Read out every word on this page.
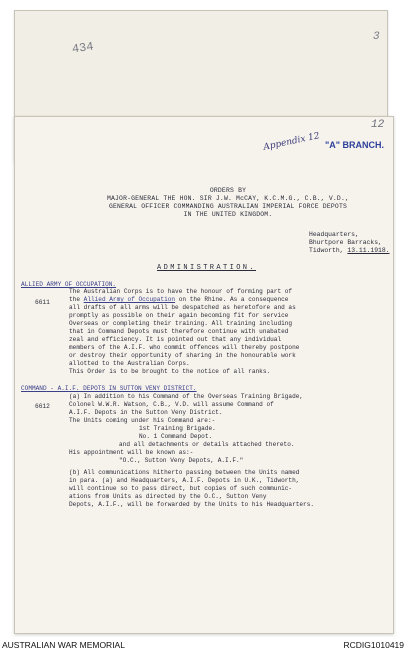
434
3
12
Appendix 12 "A" BRANCH.
ORDERS BY
MAJOR-GENERAL THE HON. SIR J.W. McCAY, K.C.M.G., C.B., V.D.,
GENERAL OFFICER COMMANDING AUSTRALIAN IMPERIAL FORCE DEPOTS
IN THE UNITED KINGDOM.
Headquarters,
Bhurtpore Barracks,
Tidworth, 13.11.1918.
ADMINISTRATION.
ALLIED ARMY OF OCCUPATION.
6611
The Australian Corps is to have the honour of forming part of
the Allied Army of Occupation on the Rhine. As a consequence
all drafts of all arms will be despatched as heretofore and as
promptly as possible on their again becoming fit for service
Overseas or completing their training. All training including
that in Command Depots must therefore continue with unabated
zeal and efficiency. It is pointed out that any individual
members of the A.I.F. who commit offences will thereby postpone
or destroy their opportunity of sharing in the honourable work
allotted to the Australian Corps.
This Order is to be brought to the notice of all ranks.
COMMAND - A.I.F. DEPOTS IN SUTTON VENY DISTRICT.
6612
(a) In addition to his Command of the Overseas Training Brigade,
Colonel W.W.R. Watson, C.B., V.D. will assume Command of
A.I.F. Depots in the Sutton Veny District.
The Units coming under his Command are:-
1st Training Brigade.
No. 1 Command Depot.
and all detachments or details attached thereto.
His appointment will be known as:-
"O.C., Sutton Veny Depots, A.I.F."
(b) All communications hitherto passing between the Units named
in para. (a) and Headquarters, A.I.F. Depots in U.K., Tidworth,
will continue so to pass direct, but copies of such communic-
ations from Units as directed by the O.C., Sutton Veny
Depots, A.I.F., will be forwarded by the Units to his Headquarters.
AUSTRALIAN WAR MEMORIAL	RCDIG1010419
